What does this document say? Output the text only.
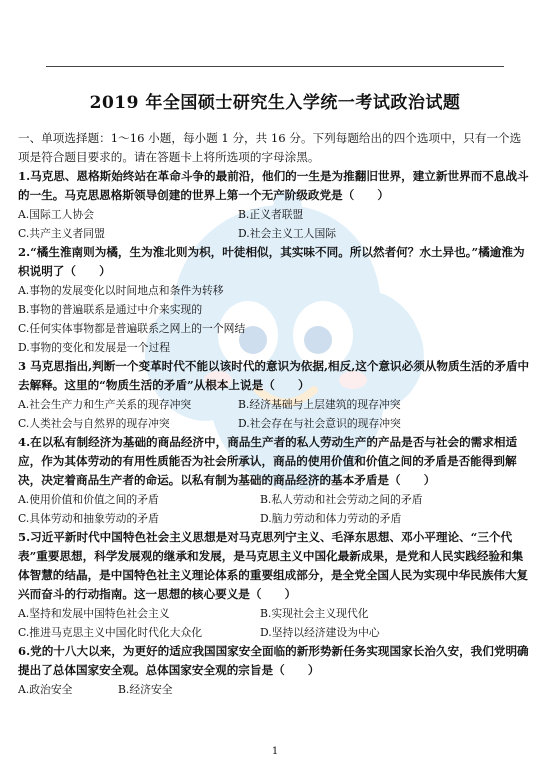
2019 年全国硕士研究生入学统一考试政治试题

一、单项选择题：1～16 小题，每小题 1 分，共 16 分。下列每题给出的四个选项中，只有一个选项是符合题目要求的。请在答题卡上将所选项的字母涂黑。

1.马克思、恩格斯始终站在革命斗争的最前沿，他们的一生是为推翻旧世界，建立新世界而不息战斗的一生。马克思恩格斯领导创建的世界上第一个无产阶级政党是（　　）

A.国际工人协会	B.正义者联盟
C.共产主义者同盟	D.社会主义工人国际

2.“橘生淮南则为橘，生为淮北则为枳，叶徒相似，其实味不同。所以然者何？水土异也。”橘逾淮为枳说明了（　　）

A.事物的发展变化以时间地点和条件为转移
B.事物的普遍联系是通过中介来实现的
C.任何实体事物都是普遍联系之网上的一个网结
D.事物的变化和发展是一个过程

3 马克思指出,判断一个变革时代不能以该时代的意识为依据,相反,这个意识必须从物质生活的矛盾中去解释。这里的“物质生活的矛盾”从根本上说是（　　）

A.社会生产力和生产关系的现存冲突	B.经济基础与上层建筑的现存冲突
C.人类社会与自然界的现存冲突	D.社会存在与社会意识的现存冲突

4.在以私有制经济为基础的商品经济中，商品生产者的私人劳动生产的产品是否与社会的需求相适应，作为其体劳动的有用性质能否为社会所承认，商品的使用价值和价值之间的矛盾是否能得到解决，决定着商品生产者的命运。以私有制为基础的商品经济的基本矛盾是（　　）

A.使用价值和价值之间的矛盾	B.私人劳动和社会劳动之间的矛盾
C.具体劳动和抽象劳动的矛盾	D.脑力劳动和体力劳动的矛盾

5.习近平新时代中国特色社会主义思想是对马克思列宁主义、毛泽东思想、邓小平理论、“三个代表”重要思想，科学发展观的继承和发展，是马克思主义中国化最新成果，是党和人民实践经验和集体智慧的结晶，是中国特色社主义理论体系的重要组成部分，是全党全国人民为实现中华民族伟大复兴而奋斗的行动指南。这一思想的核心要义是（　　）

A.坚持和发展中国特色社会主义	B.实现社会主义现代化
C.推进马克思主义中国化时代化大众化	D.坚持以经济建设为中心

6.党的十八大以来，为更好的适应我国国家安全面临的新形势新任务实现国家长治久安，我们党明确提出了总体国家安全观。总体国家安全观的宗旨是（　　）

A.政治安全	B.经济安全
1
